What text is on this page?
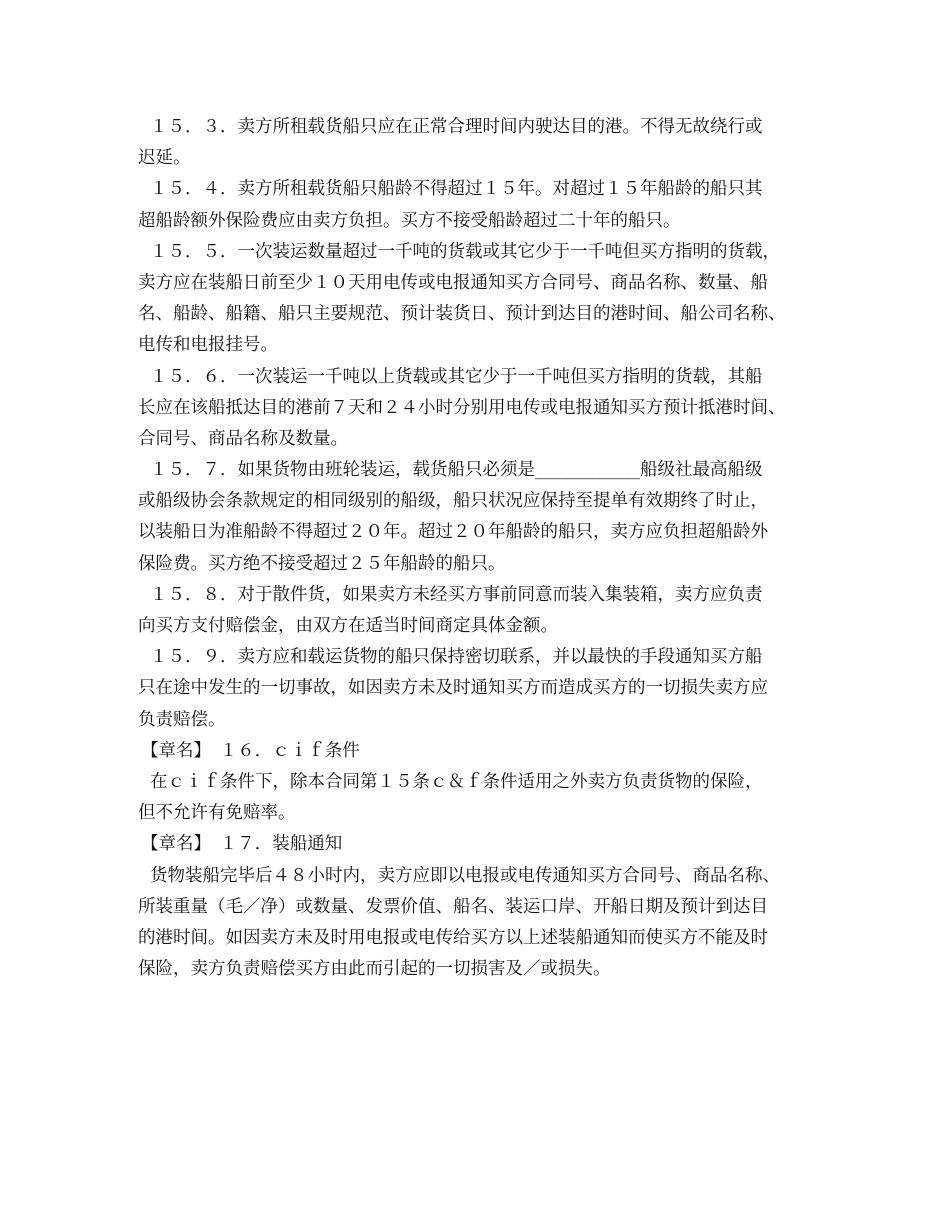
１５．３．卖方所租载货船只应在正常合理时间内驶达目的港。不得无故绕行或
迟延。
１５．４．卖方所租载货船只船龄不得超过１５年。对超过１５年船龄的船只其
超船龄额外保险费应由卖方负担。买方不接受船龄超过二十年的船只。
１５．５．一次装运数量超过一千吨的货载或其它少于一千吨但买方指明的货载，
卖方应在装船日前至少１０天用电传或电报通知买方合同号、商品名称、数量、船
名、船龄、船籍、船只主要规范、预计装货日、预计到达目的港时间、船公司名称、
电传和电报挂号。
１５．６．一次装运一千吨以上货载或其它少于一千吨但买方指明的货载，其船
长应在该船抵达目的港前７天和２４小时分别用电传或电报通知买方预计抵港时间、
合同号、商品名称及数量。
１５．７．如果货物由班轮装运，载货船只必须是____________船级社最高船级
或船级协会条款规定的相同级别的船级，船只状况应保持至提单有效期终了时止，
以装船日为准船龄不得超过２０年。超过２０年船龄的船只，卖方应负担超船龄外
保险费。买方绝不接受超过２５年船龄的船只。
１５．８．对于散件货，如果卖方未经买方事前同意而装入集装箱，卖方应负责
向买方支付赔偿金，由双方在适当时间商定具体金额。
１５．９．卖方应和载运货物的船只保持密切联系，并以最快的手段通知买方船
只在途中发生的一切事故，如因卖方未及时通知买方而造成买方的一切损失卖方应
负责赔偿。
【章名】　１６．ｃｉｆ条件
在ｃｉｆ条件下，除本合同第１５条ｃ＆ｆ条件适用之外卖方负责货物的保险，
但不允许有免赔率。
【章名】　１７．装船通知
货物装船完毕后４８小时内，卖方应即以电报或电传通知买方合同号、商品名称、
所装重量（毛／净）或数量、发票价值、船名、装运口岸、开船日期及预计到达目
的港时间。如因卖方未及时用电报或电传给买方以上述装船通知而使买方不能及时
保险，卖方负责赔偿买方由此而引起的一切损害及／或损失。
